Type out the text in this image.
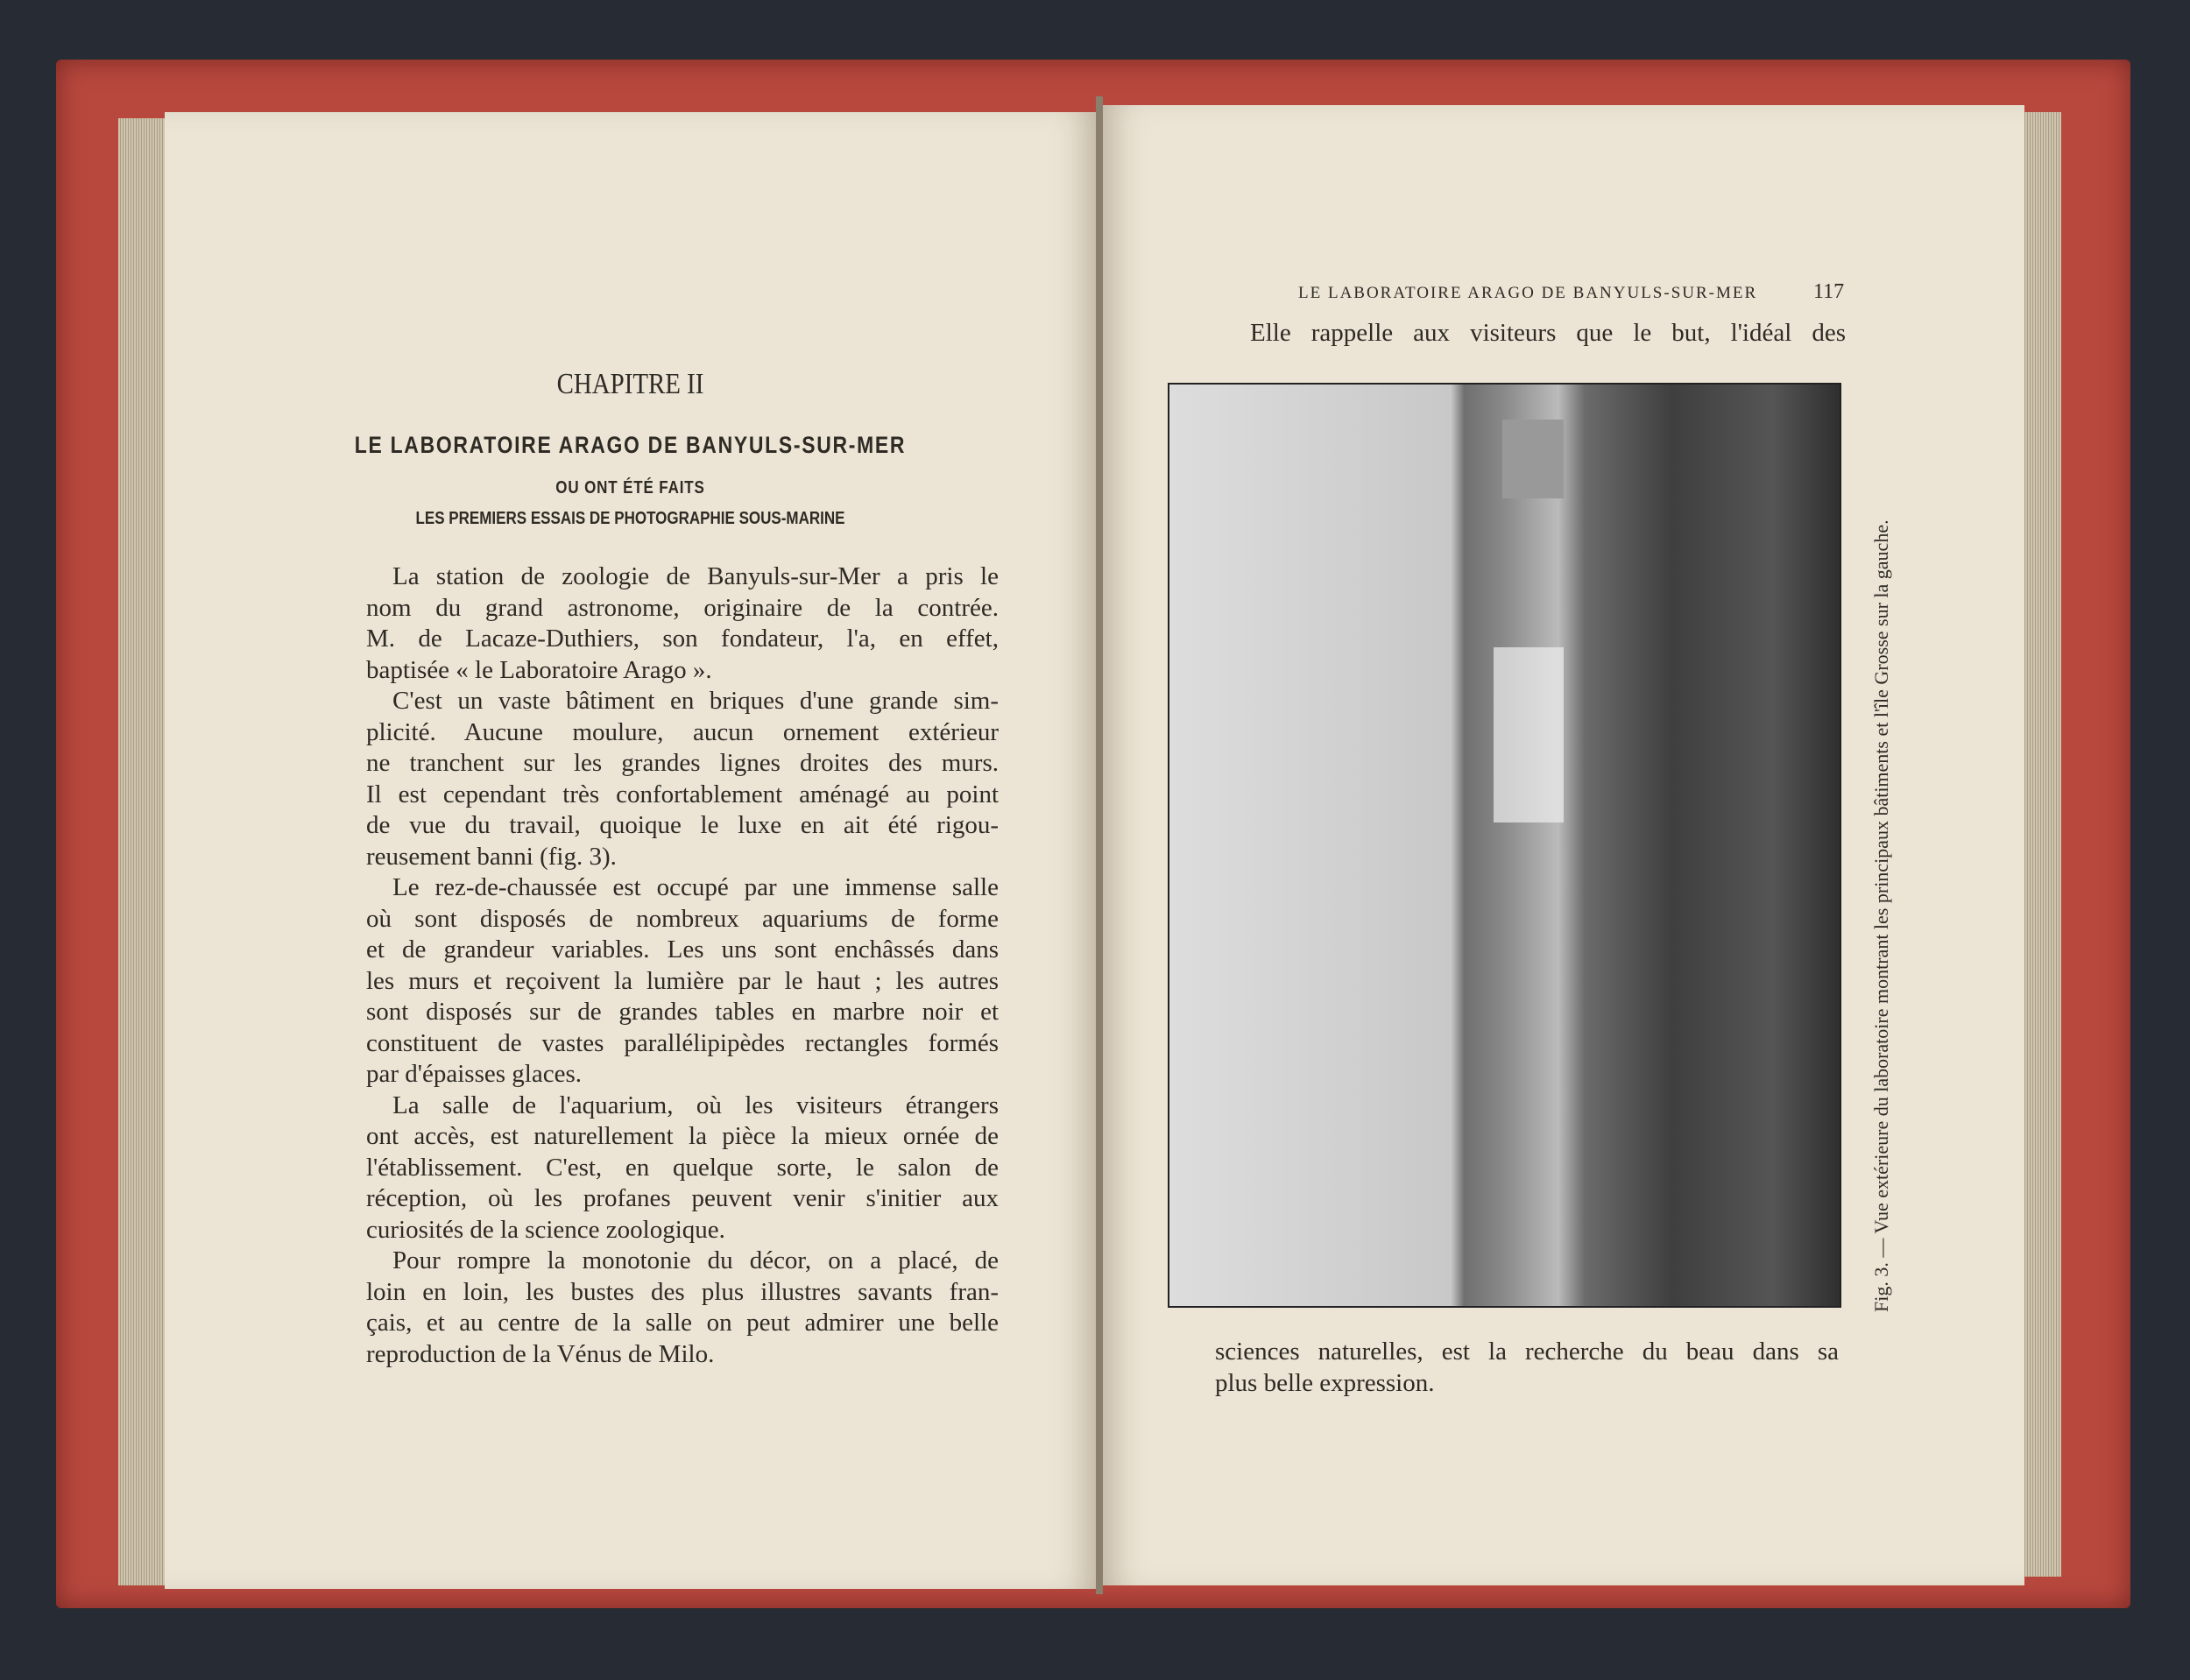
CHAPITRE II
LE LABORATOIRE ARAGO DE BANYULS-SUR-MER
OU ONT ÉTÉ FAITS
LES PREMIERS ESSAIS DE PHOTOGRAPHIE SOUS-MARINE
La station de zoologie de Banyuls-sur-Mer a pris le
nom du grand astronome, originaire de la contrée.
M. de Lacaze-Duthiers, son fondateur, l'a, en effet,
baptisée « le Laboratoire Arago ».
C'est un vaste bâtiment en briques d'une grande sim-
plicité. Aucune moulure, aucun ornement extérieur
ne tranchent sur les grandes lignes droites des murs.
Il est cependant très confortablement aménagé au point
de vue du travail, quoique le luxe en ait été rigou-
reusement banni (fig. 3).
Le rez-de-chaussée est occupé par une immense salle
où sont disposés de nombreux aquariums de forme
et de grandeur variables. Les uns sont enchâssés dans
les murs et reçoivent la lumière par le haut ; les autres
sont disposés sur de grandes tables en marbre noir et
constituent de vastes parallélipipèdes rectangles formés
par d'épaisses glaces.
La salle de l'aquarium, où les visiteurs étrangers
ont accès, est naturellement la pièce la mieux ornée de
l'établissement. C'est, en quelque sorte, le salon de
réception, où les profanes peuvent venir s'initier aux
curiosités de la science zoologique.
Pour rompre la monotonie du décor, on a placé, de
loin en loin, les bustes des plus illustres savants fran-
çais, et au centre de la salle on peut admirer une belle
reproduction de la Vénus de Milo.
LE LABORATOIRE ARAGO DE BANYULS-SUR-MER	117
Elle rappelle aux visiteurs que le but, l'idéal des
Fig. 3. — Vue extérieure du laboratoire montrant les principaux bâtiments et l'île Grosse sur la gauche.
sciences naturelles, est la recherche du beau dans sa
plus belle expression.
